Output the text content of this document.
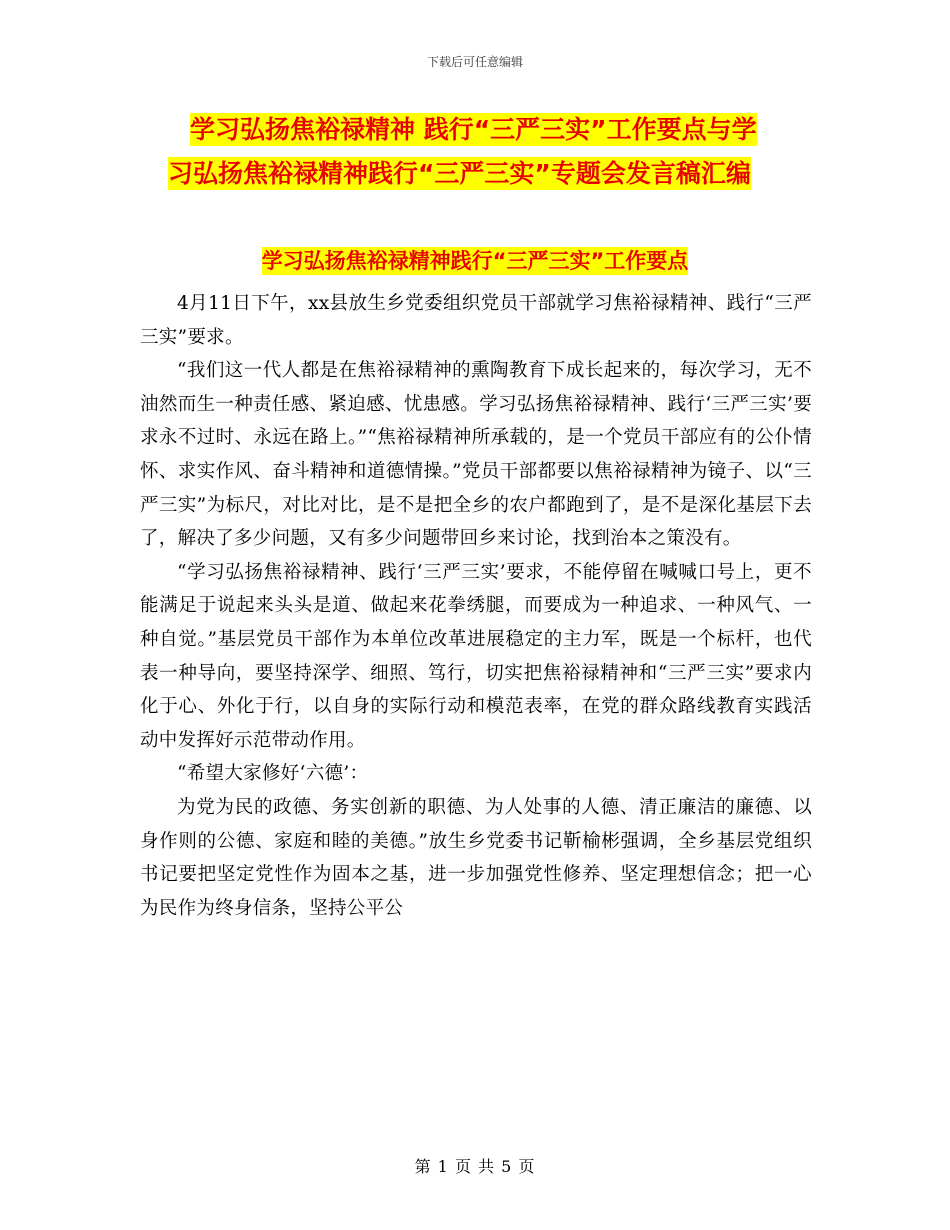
下载后可任意编辑
学习弘扬焦裕禄精神 践行“三严三实”工作要点与学
习弘扬焦裕禄精神践行“三严三实”专题会发言稿汇编
学习弘扬焦裕禄精神践行“三严三实”工作要点

4月11日下午，xx县放生乡党委组织党员干部就学习焦裕禄精神、践行“三严三实”要求。

“我们这一代人都是在焦裕禄精神的熏陶教育下成长起来的，每次学习，无不油然而生一种责任感、紧迫感、忧患感。学习弘扬焦裕禄精神、践行‘三严三实’要求永不过时、永远在路上。”“焦裕禄精神所承载的，是一个党员干部应有的公仆情怀、求实作风、奋斗精神和道德情操。”党员干部都要以焦裕禄精神为镜子、以“三严三实”为标尺，对比对比，是不是把全乡的农户都跑到了，是不是深化基层下去了，解决了多少问题，又有多少问题带回乡来讨论，找到治本之策没有。

“学习弘扬焦裕禄精神、践行‘三严三实’要求，不能停留在喊喊口号上，更不能满足于说起来头头是道、做起来花拳绣腿，而要成为一种追求、一种风气、一种自觉。”基层党员干部作为本单位改革进展稳定的主力军，既是一个标杆，也代表一种导向，要坚持深学、细照、笃行，切实把焦裕禄精神和“三严三实”要求内化于心、外化于行，以自身的实际行动和模范表率，在党的群众路线教育实践活动中发挥好示范带动作用。

“希望大家修好‘六德’：

为党为民的政德、务实创新的职德、为人处事的人德、清正廉洁的廉德、以身作则的公德、家庭和睦的美德。”放生乡党委书记靳榆彬强调，全乡基层党组织书记要把坚定党性作为固本之基，进一步加强党性修养、坚定理想信念；把一心为民作为终身信条，坚持公平公

第 1 页 共 5 页
